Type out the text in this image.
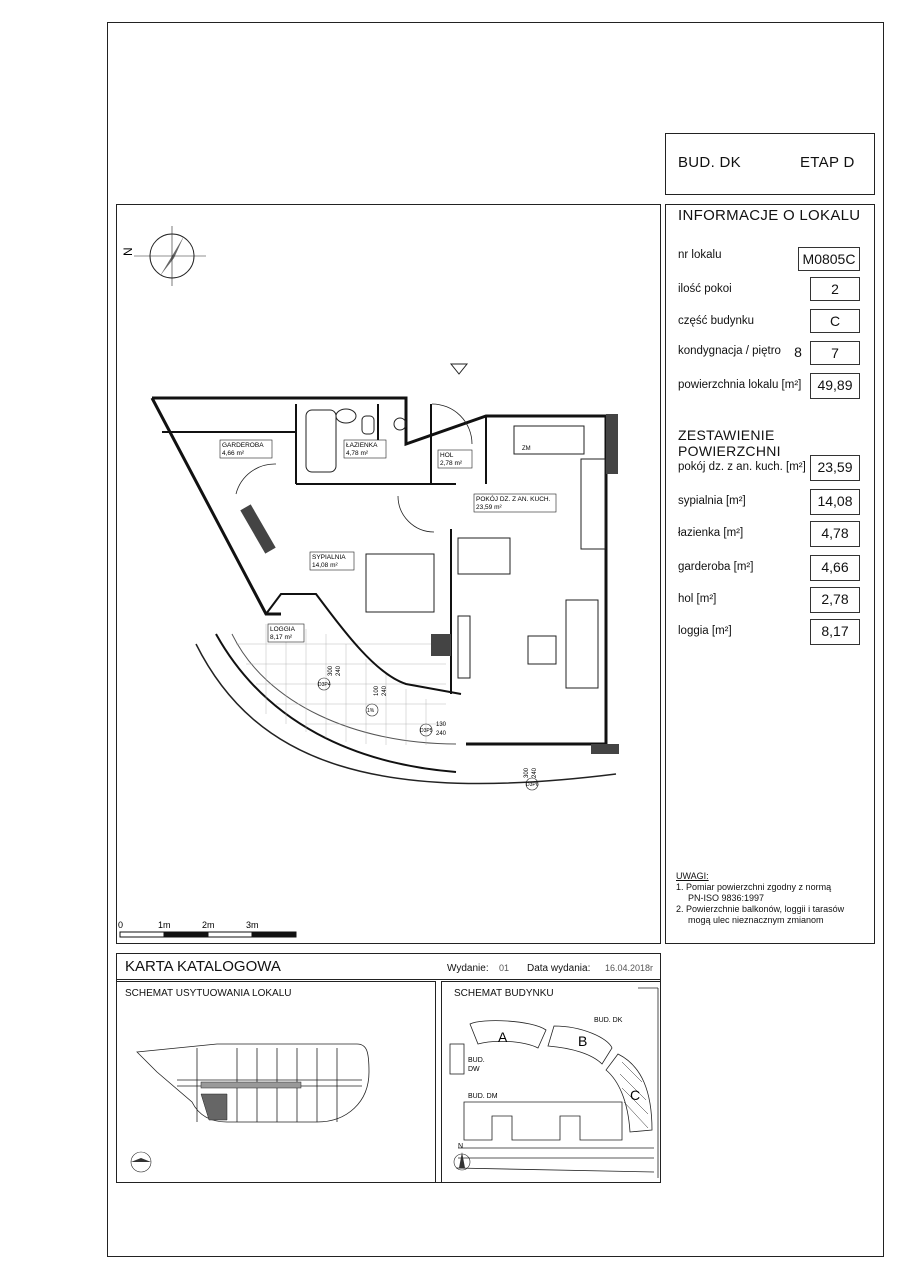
BUD. DK	ETAP D
INFORMACJE O LOKALU
nr lokalu	M0805C
ilość pokoi	2
część budynku	C
kondygnacja / piętro 8	7
powierzchnia lokalu [m²]	49,89
ZESTAWIENIE POWIERZCHNI
pokój dz. z an. kuch. [m²] 23,59
sypialnia [m²]	14,08
łazienka [m²]	4,78
garderoba [m²]	4,66
hol [m²]	2,78
loggia [m²]	8,17
UWAGI:
1. Pomiar powierzchni zgodny z normą
PN-ISO 9836:1997
2. Powierzchnie balkonów, loggii i tarasów
mogą ulec nieznacznym zmianom
N
ZM
GARDEROBA
4,66 m²
ŁAZIENKA
4,78 m²	HOL
2,78 m²
POKÓJ DZ. Z AN. KUCH.
23,59 m²
SYPIALNIA
14,08 m²
LOGGIA
8,17 m²
130
240
300 240
100 240
300 240
D3P6
D3P5
D3P4
1%
0	1m	2m	3m
KARTA KATALOGOWA	Wydanie: 01 Data wydania: 16.04.2018r
SCHEMAT USYTUOWANIA LOKALU	SCHEMAT BUDYNKU
A	B
C
BUD. DK
BUD.
DW
BUD. DM
N
